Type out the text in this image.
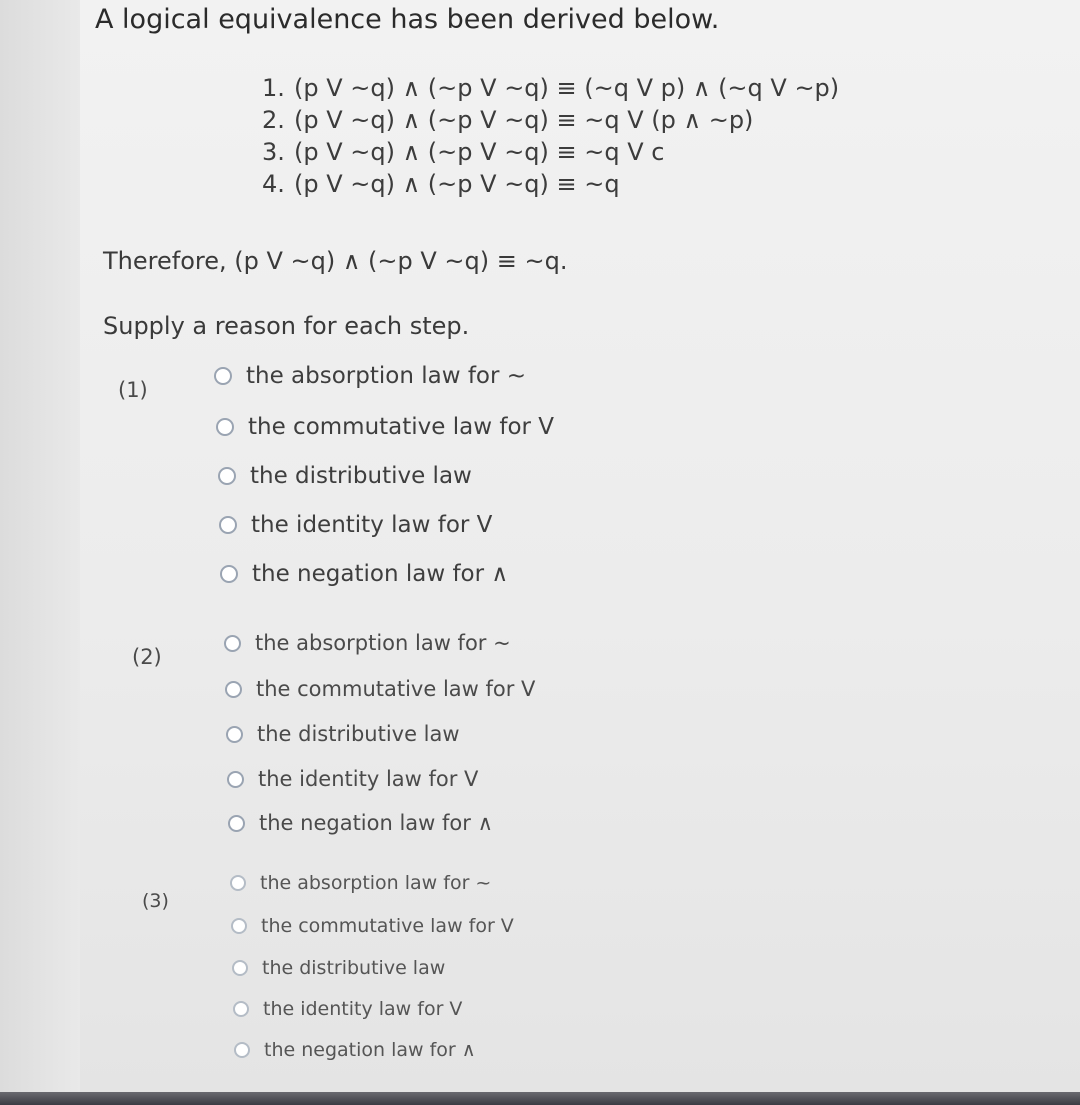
A logical equivalence has been derived below.
1. (p V ~q) ∧ (~p V ~q) ≡ (~q V p) ∧ (~q V ~p)
2. (p V ~q) ∧ (~p V ~q) ≡ ~q V (p ∧ ~p)
3. (p V ~q) ∧ (~p V ~q) ≡ ~q V c
4. (p V ~q) ∧ (~p V ~q) ≡ ~q
Therefore, (p V ~q) ∧ (~p V ~q) ≡ ~q.
Supply a reason for each step.
(1)
the absorption law for ~
the commutative law for V
the distributive law
the identity law for V
the negation law for ∧
(2)
the absorption law for ~
the commutative law for V
the distributive law
the identity law for V
the negation law for ∧
(3)
the absorption law for ~
the commutative law for V
the distributive law
the identity law for V
the negation law for ∧
